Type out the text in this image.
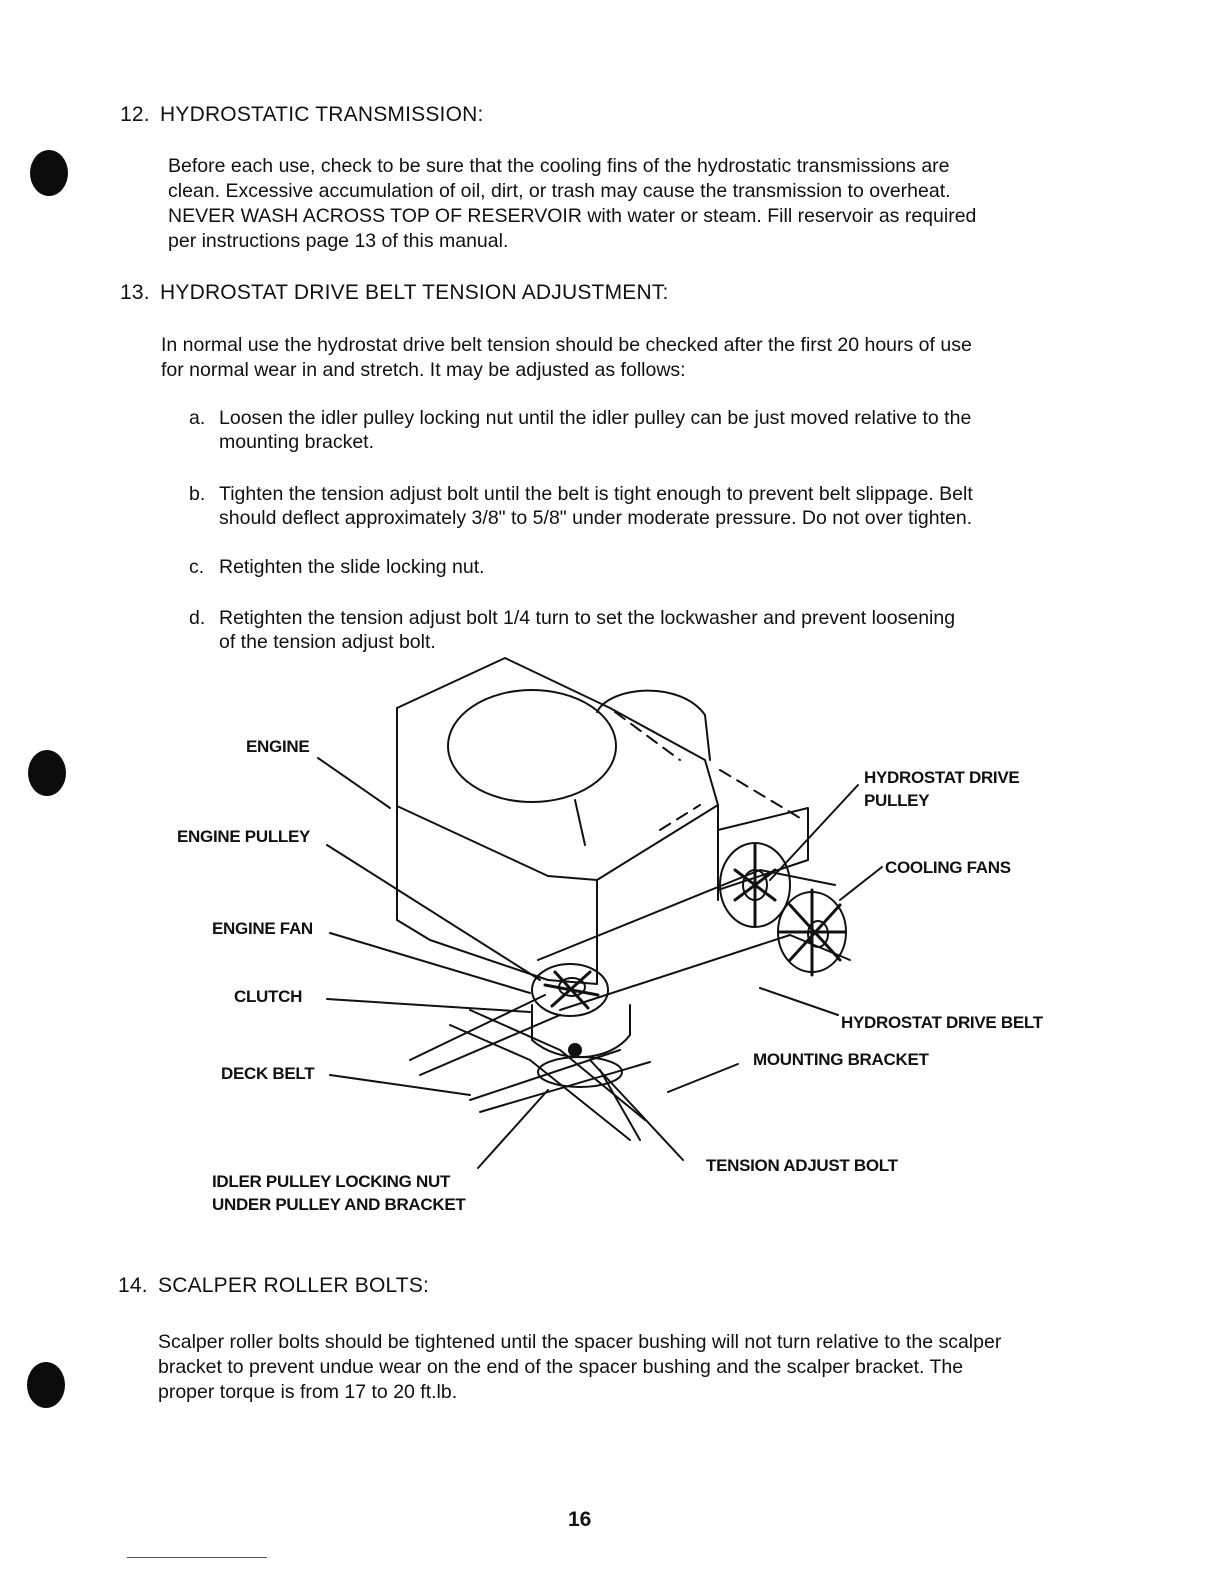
12. HYDROSTATIC TRANSMISSION:

Before each use, check to be sure that the cooling fins of the hydrostatic transmissions are

clean. Excessive accumulation of oil, dirt, or trash may cause the transmission to overheat.

NEVER WASH ACROSS TOP OF RESERVOIR with water or steam. Fill reservoir as required

per instructions page 13 of this manual.

13. HYDROSTAT DRIVE BELT TENSION ADJUSTMENT:

In normal use the hydrostat drive belt tension should be checked after the first 20 hours of use

for normal wear in and stretch. It may be adjusted as follows:

a. Loosen the idler pulley locking nut until the idler pulley can be just moved relative to the
mounting bracket.
b. Tighten the tension adjust bolt until the belt is tight enough to prevent belt slippage. Belt
should deflect approximately 3/8" to 5/8" under moderate pressure. Do not over tighten.
c. Retighten the slide locking nut.
d. Retighten the tension adjust bolt 1/4 turn to set the lockwasher and prevent loosening
of the tension adjust bolt.
ENGINE
ENGINE PULLEY
ENGINE FAN
CLUTCH
DECK BELT
IDLER PULLEY LOCKING NUT
UNDER PULLEY AND BRACKET
HYDROSTAT DRIVE
PULLEY
COOLING FANS
HYDROSTAT DRIVE BELT
MOUNTING BRACKET
TENSION ADJUST BOLT
14. SCALPER ROLLER BOLTS:

Scalper roller bolts should be tightened until the spacer bushing will not turn relative to the scalper

bracket to prevent undue wear on the end of the spacer bushing and the scalper bracket. The

proper torque is from 17 to 20 ft.lb.

16
